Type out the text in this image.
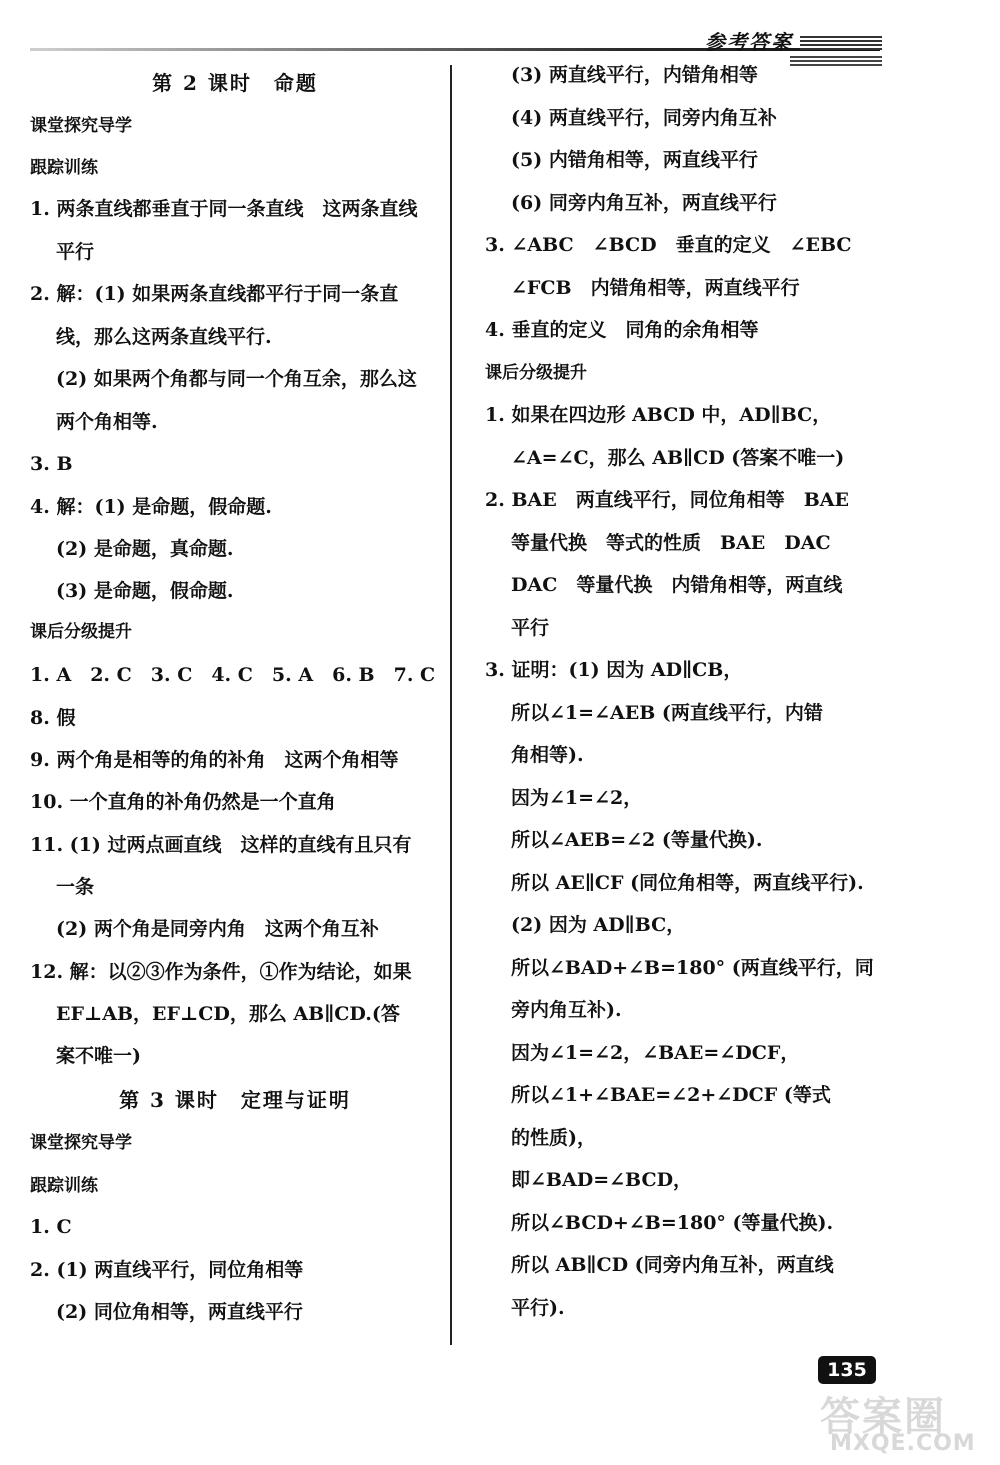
参考答案
第 2 课时　命题
课堂探究导学
跟踪训练
1. 两条直线都垂直于同一条直线　这两条直线
平行
2. 解：(1) 如果两条直线都平行于同一条直
线，那么这两条直线平行.
(2) 如果两个角都与同一个角互余，那么这
两个角相等.
3. B
4. 解：(1) 是命题，假命题.
(2) 是命题，真命题.
(3) 是命题，假命题.
课后分级提升
1. A　2. C　3. C　4. C　5. A　6. B　7. C
8. 假
9. 两个角是相等的角的补角　这两个角相等
10. 一个直角的补角仍然是一个直角
11. (1) 过两点画直线　这样的直线有且只有
一条
(2) 两个角是同旁内角　这两个角互补
12. 解：以②③作为条件，①作为结论，如果
EF⊥AB，EF⊥CD，那么 AB∥CD.(答
案不唯一)
第 3 课时　定理与证明
课堂探究导学
跟踪训练
1. C
2. (1) 两直线平行，同位角相等
(2) 同位角相等，两直线平行
(3) 两直线平行，内错角相等
(4) 两直线平行，同旁内角互补
(5) 内错角相等，两直线平行
(6) 同旁内角互补，两直线平行
3. ∠ABC　∠BCD　垂直的定义　∠EBC
∠FCB　内错角相等，两直线平行
4. 垂直的定义　同角的余角相等
课后分级提升
1. 如果在四边形 ABCD 中，AD∥BC，
∠A=∠C，那么 AB∥CD (答案不唯一)
2. BAE　两直线平行，同位角相等　BAE
等量代换　等式的性质　BAE　DAC
DAC　等量代换　内错角相等，两直线
平行
3. 证明：(1) 因为 AD∥CB，
所以∠1=∠AEB (两直线平行，内错
角相等).
因为∠1=∠2，
所以∠AEB=∠2 (等量代换).
所以 AE∥CF (同位角相等，两直线平行).
(2) 因为 AD∥BC，
所以∠BAD+∠B=180° (两直线平行，同
旁内角互补).
因为∠1=∠2，∠BAE=∠DCF，
所以∠1+∠BAE=∠2+∠DCF (等式
的性质)，
即∠BAD=∠BCD，
所以∠BCD+∠B=180° (等量代换).
所以 AB∥CD (同旁内角互补，两直线
平行).
135
答案圈
MXQE.COM
